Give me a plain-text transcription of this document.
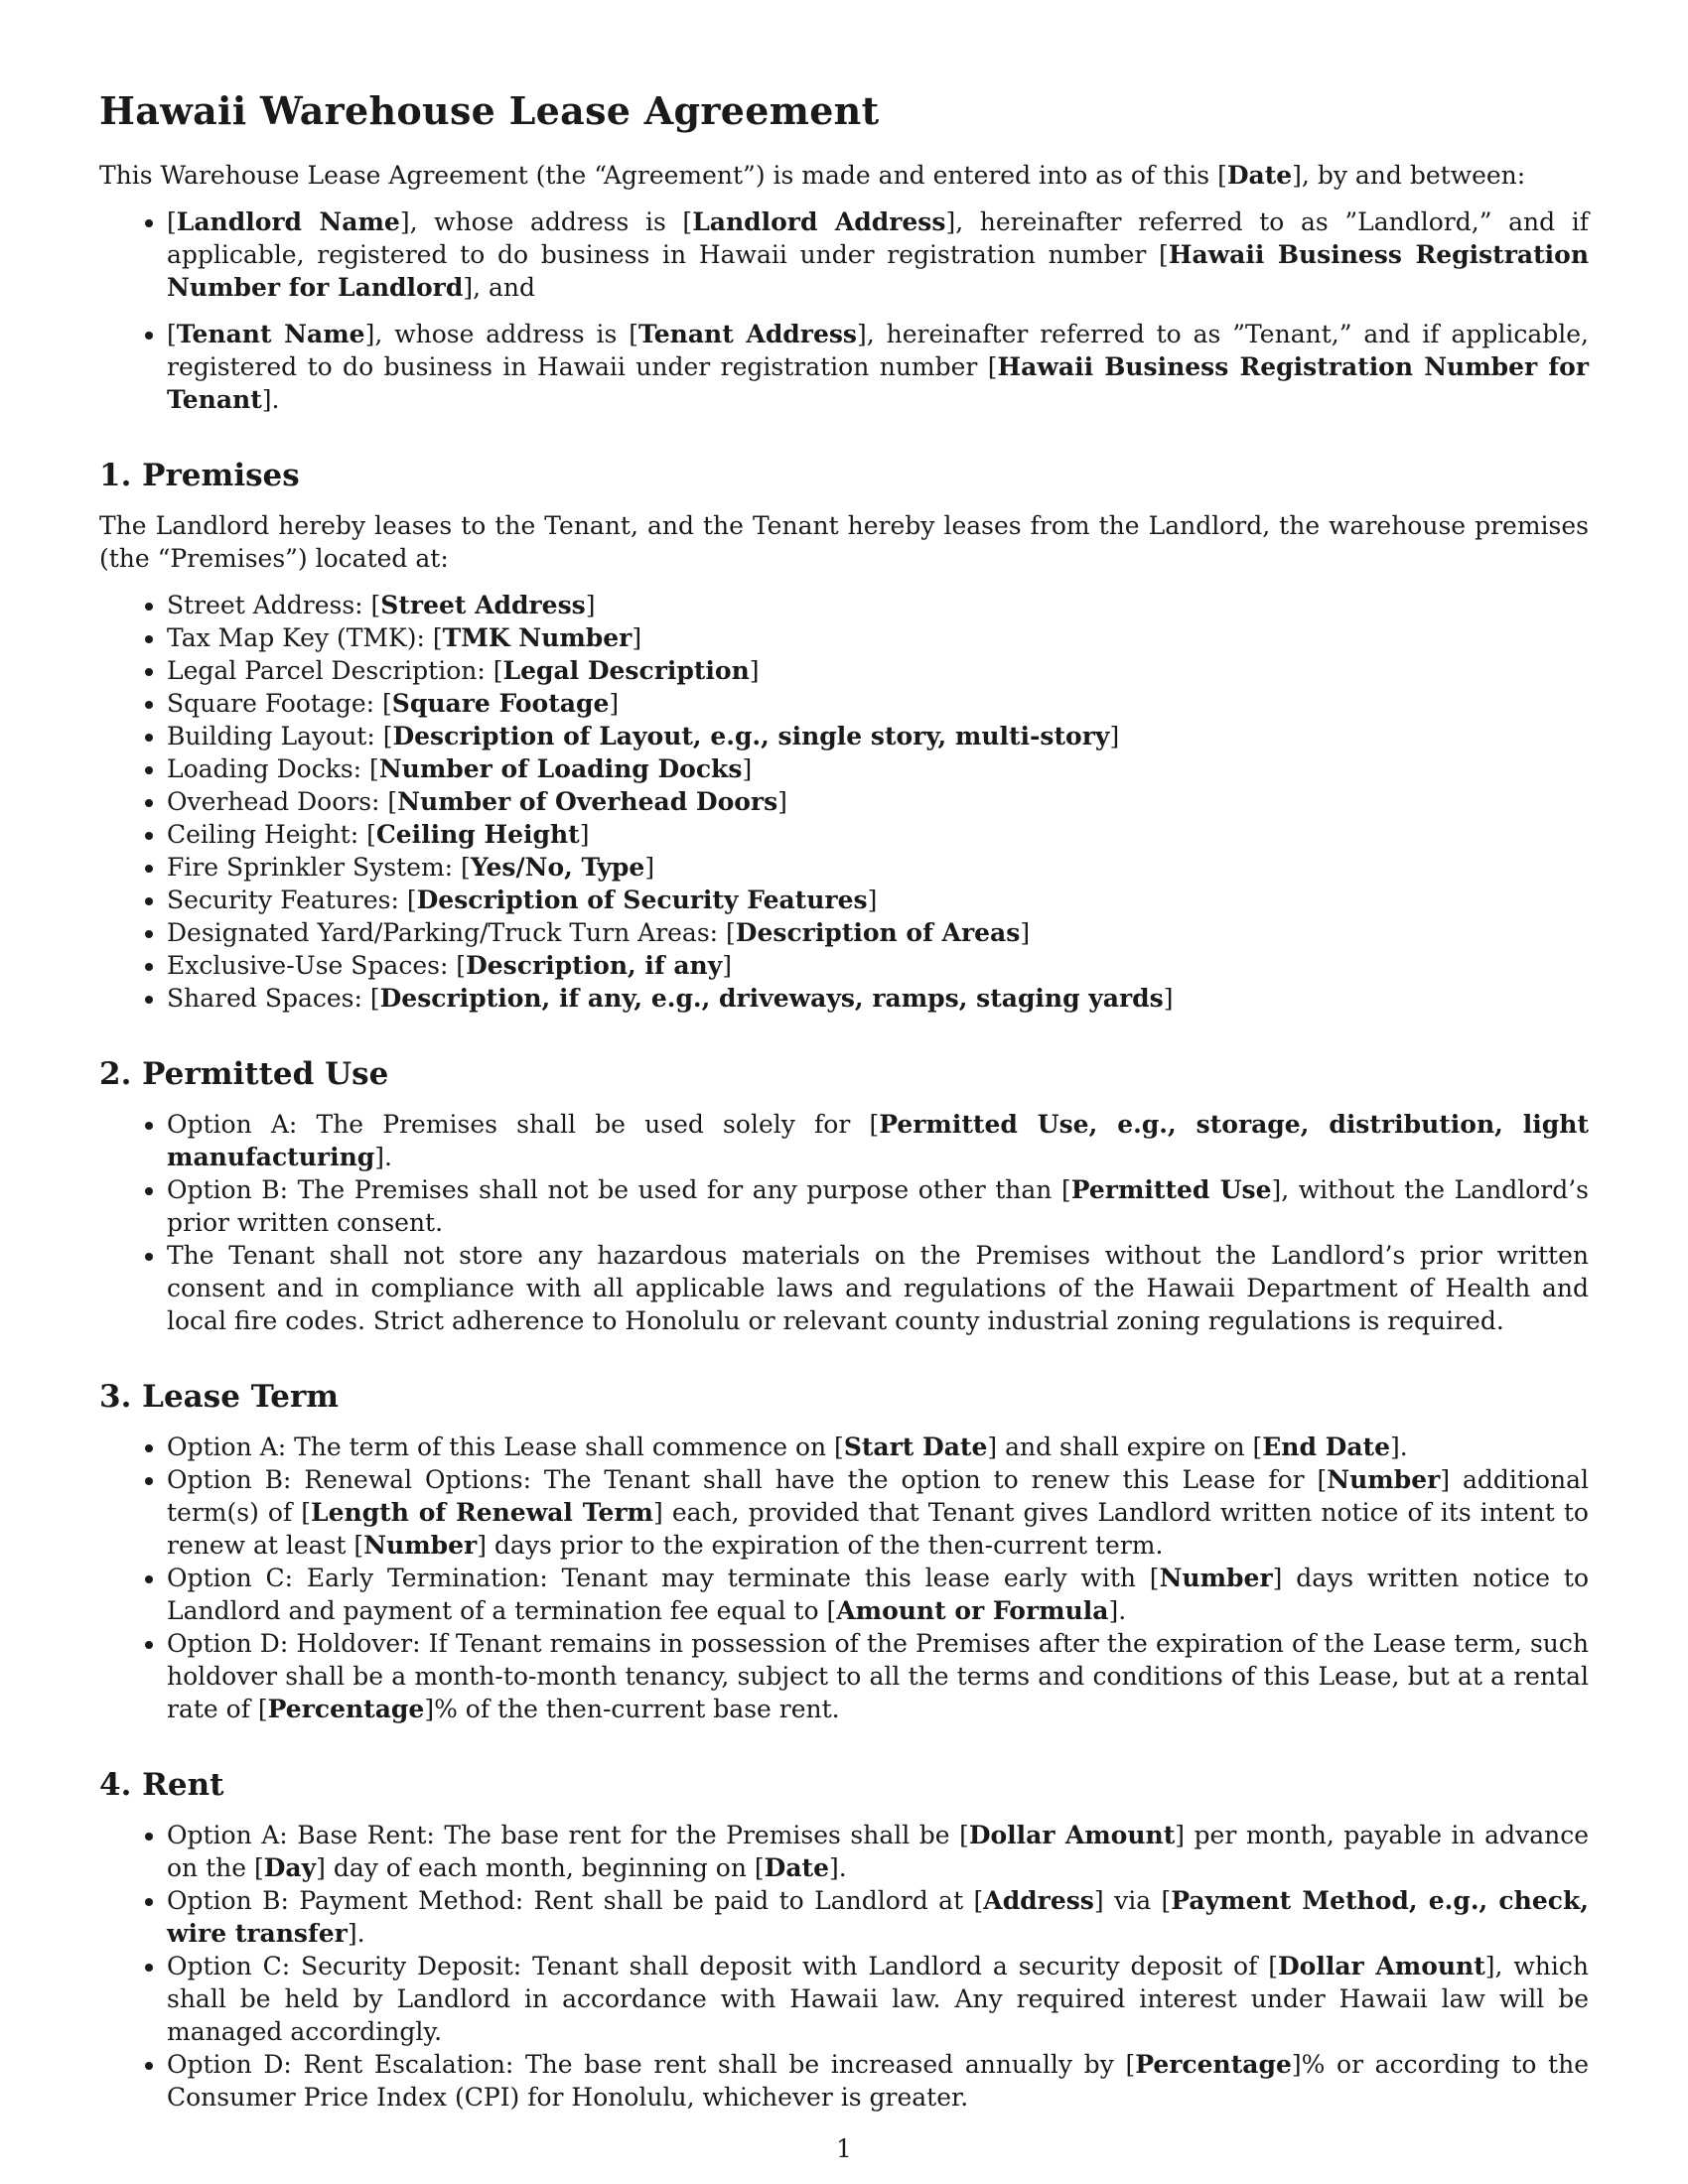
Hawaii Warehouse Lease Agreement

This Warehouse Lease Agreement (the “Agreement”) is made and entered into as of this [Date], by and between:

• [Landlord Name], whose address is [Landlord Address], hereinafter referred to as ”Landlord,” and if applicable, registered to do business in Hawaii under registration number [Hawaii Business Registration Number for Landlord], and
• [Tenant Name], whose address is [Tenant Address], hereinafter referred to as ”Tenant,” and if applicable, registered to do business in Hawaii under registration number [Hawaii Business Registration Number for Tenant].
1. Premises

The Landlord hereby leases to the Tenant, and the Tenant hereby leases from the Landlord, the warehouse premises (the “Premises”) located at:

• Street Address: [Street Address]
• Tax Map Key (TMK): [TMK Number]
• Legal Parcel Description: [Legal Description]
• Square Footage: [Square Footage]
• Building Layout: [Description of Layout, e.g., single story, multi-story]
• Loading Docks: [Number of Loading Docks]
• Overhead Doors: [Number of Overhead Doors]
• Ceiling Height: [Ceiling Height]
• Fire Sprinkler System: [Yes/No, Type]
• Security Features: [Description of Security Features]
• Designated Yard/Parking/Truck Turn Areas: [Description of Areas]
• Exclusive-Use Spaces: [Description, if any]
• Shared Spaces: [Description, if any, e.g., driveways, ramps, staging yards]
2. Permitted Use
• Option A: The Premises shall be used solely for [Permitted Use, e.g., storage, distribution, light manufacturing].
• Option B: The Premises shall not be used for any purpose other than [Permitted Use], without the Landlord’s prior written consent.
• The Tenant shall not store any hazardous materials on the Premises without the Landlord’s prior written consent and in compliance with all applicable laws and regulations of the Hawaii Department of Health and local fire codes. Strict adherence to Honolulu or relevant county industrial zoning regulations is required.
3. Lease Term
• Option A: The term of this Lease shall commence on [Start Date] and shall expire on [End Date].
• Option B: Renewal Options: The Tenant shall have the option to renew this Lease for [Number] additional term(s) of [Length of Renewal Term] each, provided that Tenant gives Landlord written notice of its intent to renew at least [Number] days prior to the expiration of the then-current term.
• Option C: Early Termination: Tenant may terminate this lease early with [Number] days written notice to Landlord and payment of a termination fee equal to [Amount or Formula].
• Option D: Holdover: If Tenant remains in possession of the Premises after the expiration of the Lease term, such holdover shall be a month-to-month tenancy, subject to all the terms and conditions of this Lease, but at a rental rate of [Percentage]% of the then-current base rent.
4. Rent
• Option A: Base Rent: The base rent for the Premises shall be [Dollar Amount] per month, payable in advance on the [Day] day of each month, beginning on [Date].
• Option B: Payment Method: Rent shall be paid to Landlord at [Address] via [Payment Method, e.g., check, wire transfer].
• Option C: Security Deposit: Tenant shall deposit with Landlord a security deposit of [Dollar Amount], which shall be held by Landlord in accordance with Hawaii law. Any required interest under Hawaii law will be managed accordingly.
• Option D: Rent Escalation: The base rent shall be increased annually by [Percentage]% or according to the Consumer Price Index (CPI) for Honolulu, whichever is greater.
1
